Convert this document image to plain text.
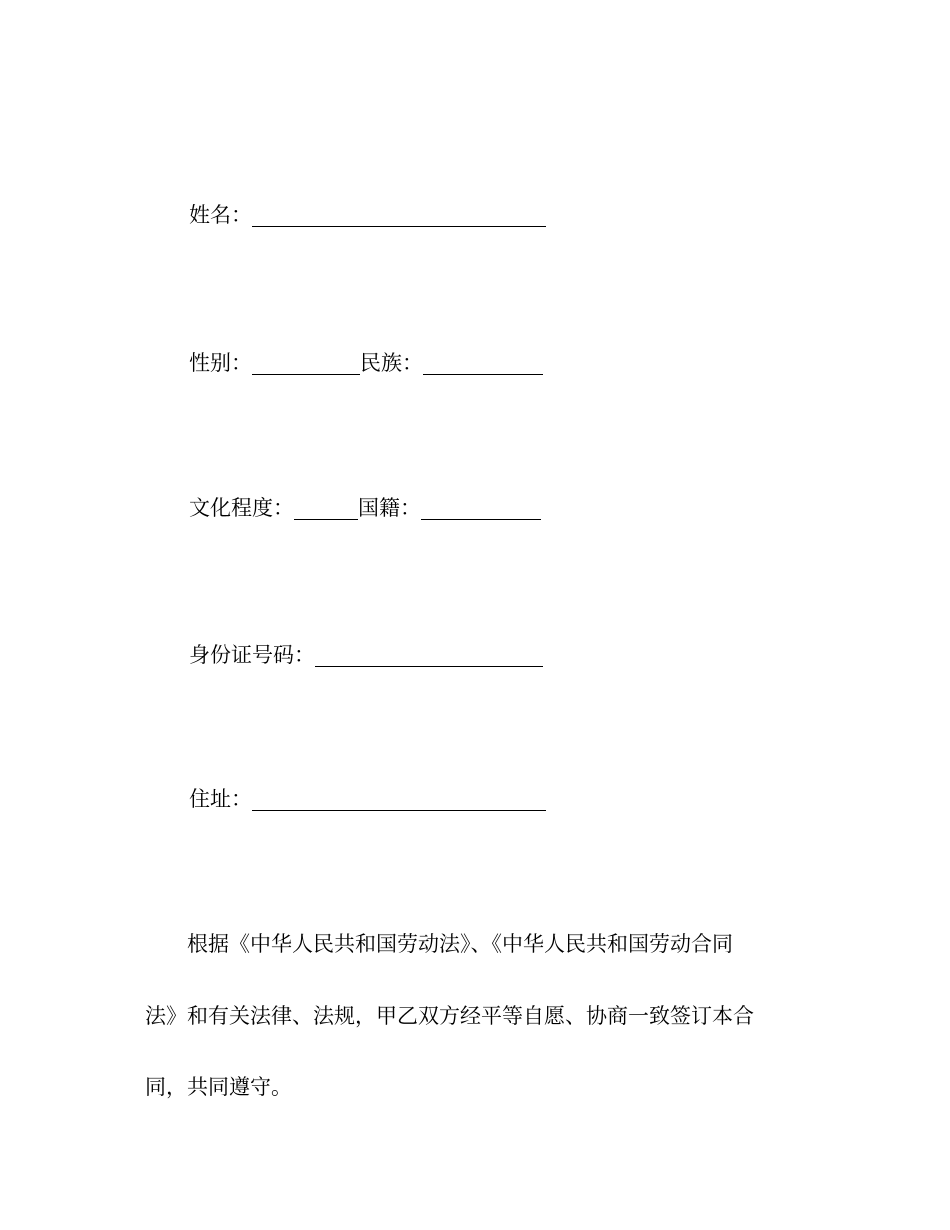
姓名：
性别：	民族：
文化程度：	国籍：
身份证号码：
住址：
　　根据《中华人民共和国劳动法》、《中华人民共和国劳动合同
法》和有关法律、法规，甲乙双方经平等自愿、协商一致签订本合
同，共同遵守。
